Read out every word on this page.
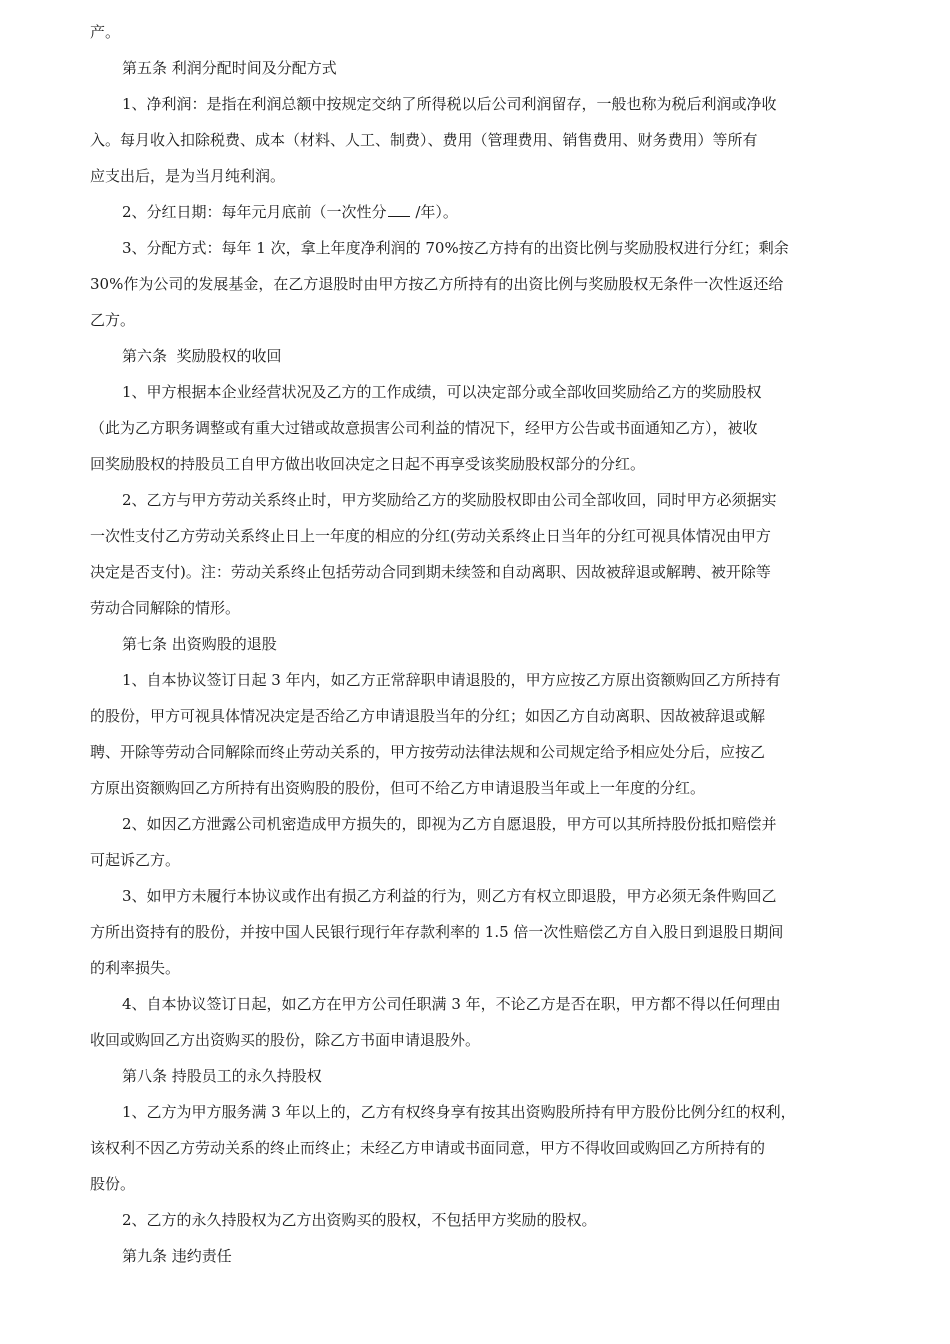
产。
第五条 利润分配时间及分配方式
1、净利润：是指在利润总额中按规定交纳了所得税以后公司利润留存，一般也称为税后利润或净收
入。每月收入扣除税费、成本（材料、人工、制费）、费用（管理费用、销售费用、财务费用）等所有
应支出后，是为当月纯利润。
2、分红日期：每年元月底前（一次性分 /年）。
3、分配方式：每年 1 次，拿上年度净利润的 70%按乙方持有的出资比例与奖励股权进行分红；剩余
30%作为公司的发展基金，在乙方退股时由甲方按乙方所持有的出资比例与奖励股权无条件一次性返还给
乙方。
第六条  奖励股权的收回
1、甲方根据本企业经营状况及乙方的工作成绩，可以决定部分或全部收回奖励给乙方的奖励股权
（此为乙方职务调整或有重大过错或故意损害公司利益的情况下，经甲方公告或书面通知乙方），被收
回奖励股权的持股员工自甲方做出收回决定之日起不再享受该奖励股权部分的分红。
2、乙方与甲方劳动关系终止时，甲方奖励给乙方的奖励股权即由公司全部收回，同时甲方必须据实
一次性支付乙方劳动关系终止日上一年度的相应的分红(劳动关系终止日当年的分红可视具体情况由甲方
决定是否支付)。注：劳动关系终止包括劳动合同到期未续签和自动离职、因故被辞退或解聘、被开除等
劳动合同解除的情形。
第七条 出资购股的退股
1、自本协议签订日起 3 年内，如乙方正常辞职申请退股的，甲方应按乙方原出资额购回乙方所持有
的股份，甲方可视具体情况决定是否给乙方申请退股当年的分红；如因乙方自动离职、因故被辞退或解
聘、开除等劳动合同解除而终止劳动关系的，甲方按劳动法律法规和公司规定给予相应处分后，应按乙
方原出资额购回乙方所持有出资购股的股份，但可不给乙方申请退股当年或上一年度的分红。
2、如因乙方泄露公司机密造成甲方损失的，即视为乙方自愿退股，甲方可以其所持股份抵扣赔偿并
可起诉乙方。
3、如甲方未履行本协议或作出有损乙方利益的行为，则乙方有权立即退股，甲方必须无条件购回乙
方所出资持有的股份，并按中国人民银行现行年存款利率的 1.5 倍一次性赔偿乙方自入股日到退股日期间
的利率损失。
4、自本协议签订日起，如乙方在甲方公司任职满 3 年，不论乙方是否在职，甲方都不得以任何理由
收回或购回乙方出资购买的股份，除乙方书面申请退股外。
第八条 持股员工的永久持股权
1、乙方为甲方服务满 3 年以上的，乙方有权终身享有按其出资购股所持有甲方股份比例分红的权利，
该权利不因乙方劳动关系的终止而终止；未经乙方申请或书面同意，甲方不得收回或购回乙方所持有的
股份。
2、乙方的永久持股权为乙方出资购买的股权，不包括甲方奖励的股权。
第九条 违约责任
